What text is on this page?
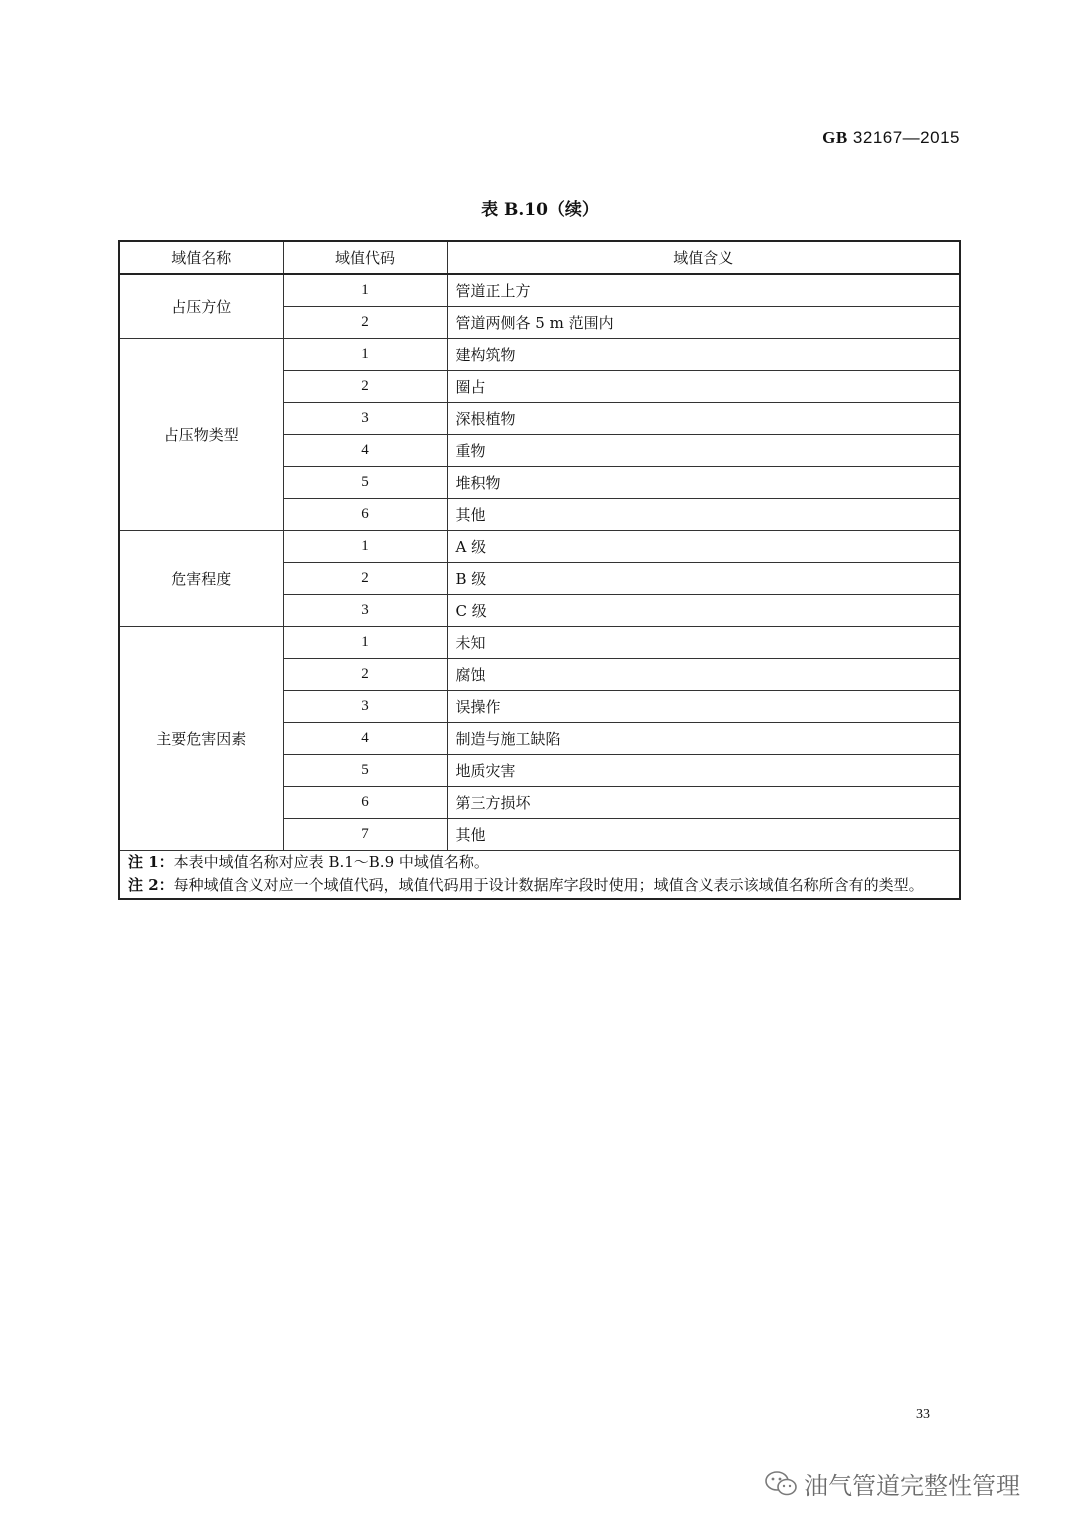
GB 32167—2015
表 B.10（续）
域值名称	域值代码	域值含义
占压方位	1	管道正上方
	2	管道两侧各 5 m 范围内
占压物类型	1	建构筑物
	2	圈占
	3	深根植物
	4	重物
	5	堆积物
	6	其他
危害程度	1	A 级
	2	B 级
	3	C 级
主要危害因素	1	未知
	2	腐蚀
	3	误操作
	4	制造与施工缺陷
	5	地质灾害
	6	第三方损坏
	7	其他

注 1：本表中域值名称对应表 B.1～B.9 中域值名称。
注 2：每种域值含义对应一个域值代码，域值代码用于设计数据库字段时使用；域值含义表示该域值名称所含有的类型。		
33
油气管道完整性管理
